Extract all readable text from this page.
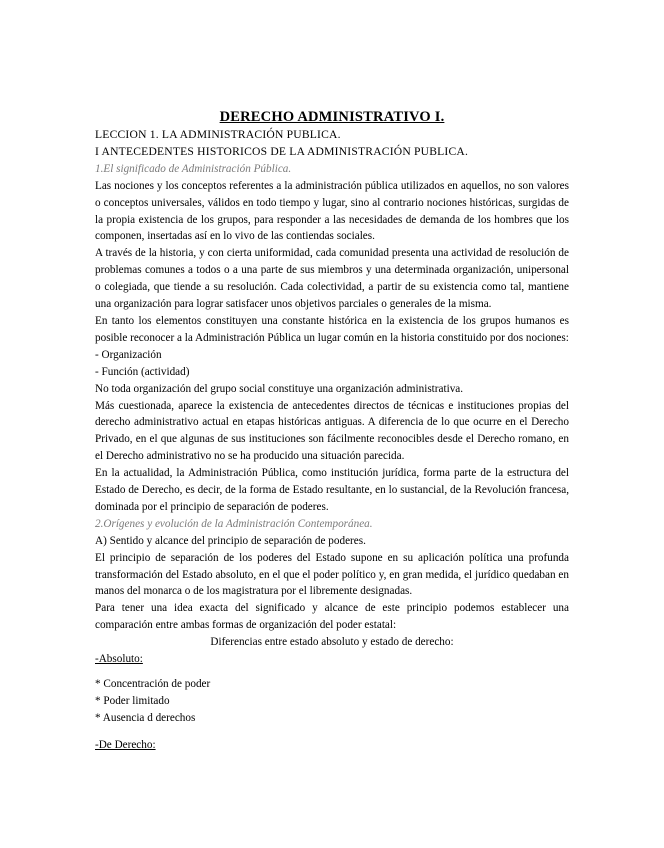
DERECHO ADMINISTRATIVO I.
LECCION 1. LA ADMINISTRACIÓN PUBLICA.
I ANTECEDENTES HISTORICOS DE LA ADMINISTRACIÓN PUBLICA.
1.El significado de Administración Pública.

Las nociones y los conceptos referentes a la administración pública utilizados en aquellos, no son valores o conceptos universales, válidos en todo tiempo y lugar, sino al contrario nociones históricas, surgidas de la propia existencia de los grupos, para responder a las necesidades de demanda de los hombres que los componen, insertadas así en lo vivo de las contiendas sociales.

A través de la historia, y con cierta uniformidad, cada comunidad presenta una actividad de resolución de problemas comunes a todos o a una parte de sus miembros y una determinada organización, unipersonal o colegiada, que tiende a su resolución. Cada colectividad, a partir de su existencia como tal, mantiene una organización para lograr satisfacer unos objetivos parciales o generales de la misma.

En tanto los elementos constituyen una constante histórica en la existencia de los grupos humanos es posible reconocer a la Administración Pública un lugar común en la historia constituido por dos nociones:

- Organización
- Función (actividad)

No toda organización del grupo social constituye una organización administrativa.

Más cuestionada, aparece la existencia de antecedentes directos de técnicas e instituciones propias del derecho administrativo actual en etapas históricas antiguas. A diferencia de lo que ocurre en el Derecho Privado, en el que algunas de sus instituciones son fácilmente reconocibles desde el Derecho romano, en el Derecho administrativo no se ha producido una situación parecida.

En la actualidad, la Administración Pública, como institución jurídica, forma parte de la estructura del Estado de Derecho, es decir, de la forma de Estado resultante, en lo sustancial, de la Revolución francesa, dominada por el principio de separación de poderes.

2.Orígenes y evolución de la Administración Contemporánea.
A) Sentido y alcance del principio de separación de poderes.

El principio de separación de los poderes del Estado supone en su aplicación política una profunda transformación del Estado absoluto, en el que el poder político y, en gran medida, el jurídico quedaban en manos del monarca o de los magistratura por el libremente designadas.

Para tener una idea exacta del significado y alcance de este principio podemos establecer una comparación entre ambas formas de organización del poder estatal:

Diferencias entre estado absoluto y estado de derecho:
-Absoluto:
* Concentración de poder
* Poder limitado
* Ausencia d derechos
-De Derecho:
